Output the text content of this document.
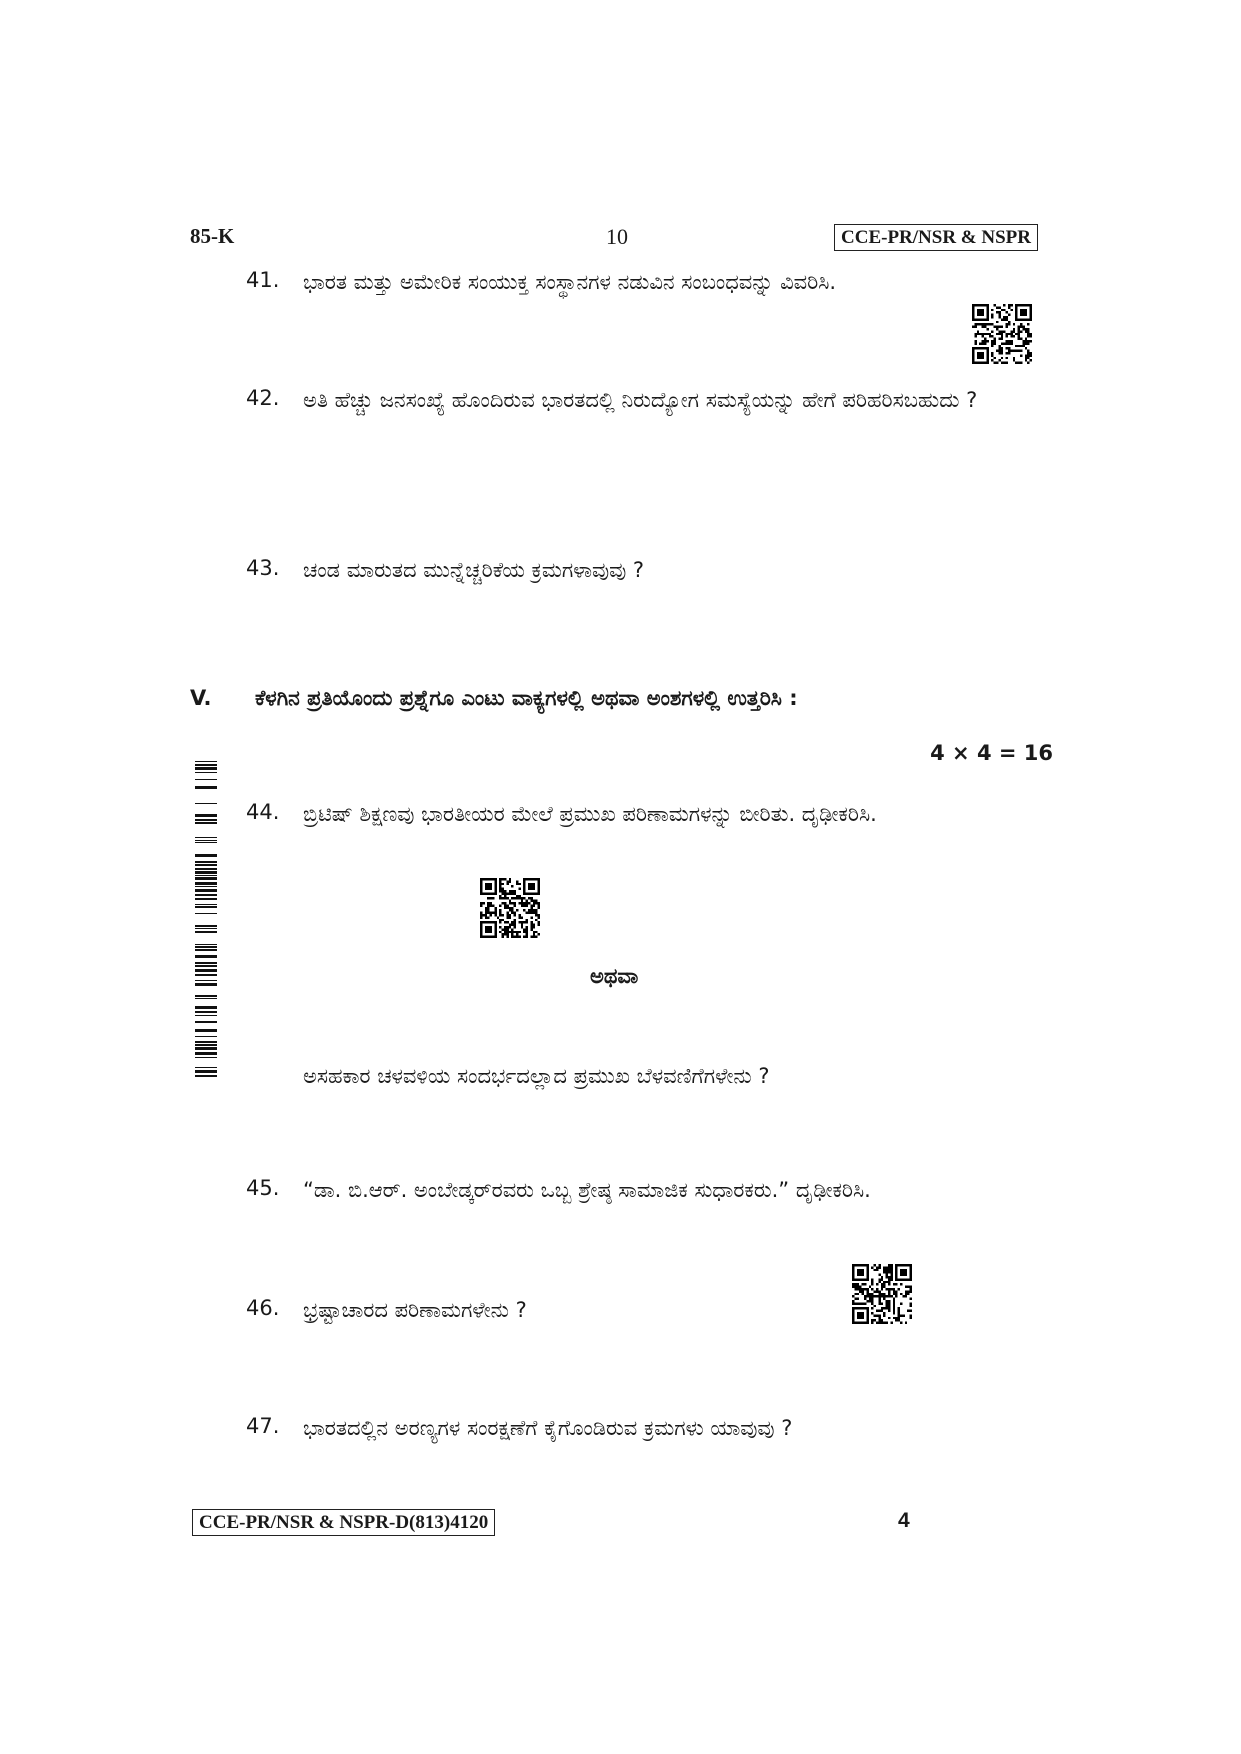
85-K	10	CCE-PR/NSR & NSPR
41. ಭಾರತ ಮತ್ತು ಅಮೇರಿಕ ಸಂಯುಕ್ತ ಸಂಸ್ಥಾನಗಳ ನಡುವಿನ ಸಂಬಂಧವನ್ನು ವಿವರಿಸಿ.
42. ಅತಿ ಹೆಚ್ಚು ಜನಸಂಖ್ಯೆ ಹೊಂದಿರುವ ಭಾರತದಲ್ಲಿ ನಿರುದ್ಯೋಗ ಸಮಸ್ಯೆಯನ್ನು ಹೇಗೆ ಪರಿಹರಿಸಬಹುದು ?
43. ಚಂಡ ಮಾರುತದ ಮುನ್ನೆಚ್ಚರಿಕೆಯ ಕ್ರಮಗಳಾವುವು ?
V. ಕೆಳಗಿನ ಪ್ರತಿಯೊಂದು ಪ್ರಶ್ನೆಗೂ ಎಂಟು ವಾಕ್ಯಗಳಲ್ಲಿ ಅಥವಾ ಅಂಶಗಳಲ್ಲಿ ಉತ್ತರಿಸಿ :
4 × 4 = 16
44. ಬ್ರಿಟಿಷ್ ಶಿಕ್ಷಣವು ಭಾರತೀಯರ ಮೇಲೆ ಪ್ರಮುಖ ಪರಿಣಾಮಗಳನ್ನು ಬೀರಿತು. ದೃಢೀಕರಿಸಿ.
ಅಥವಾ
ಅಸಹಕಾರ ಚಳವಳಿಯ ಸಂದರ್ಭದಲ್ಲಾದ ಪ್ರಮುಖ ಬೆಳವಣಿಗೆಗಳೇನು ?
45. “ಡಾ. ಬಿ.ಆರ್. ಅಂಬೇಡ್ಕರ್‌ರವರು ಒಬ್ಬ ಶ್ರೇಷ್ಠ ಸಾಮಾಜಿಕ ಸುಧಾರಕರು.” ದೃಢೀಕರಿಸಿ.
46. ಭ್ರಷ್ಟಾಚಾರದ ಪರಿಣಾಮಗಳೇನು ?
47. ಭಾರತದಲ್ಲಿನ ಅರಣ್ಯಗಳ ಸಂರಕ್ಷಣೆಗೆ ಕೈಗೊಂಡಿರುವ ಕ್ರಮಗಳು ಯಾವುವು ?
CCE-PR/NSR & NSPR-D(813)4120	4
